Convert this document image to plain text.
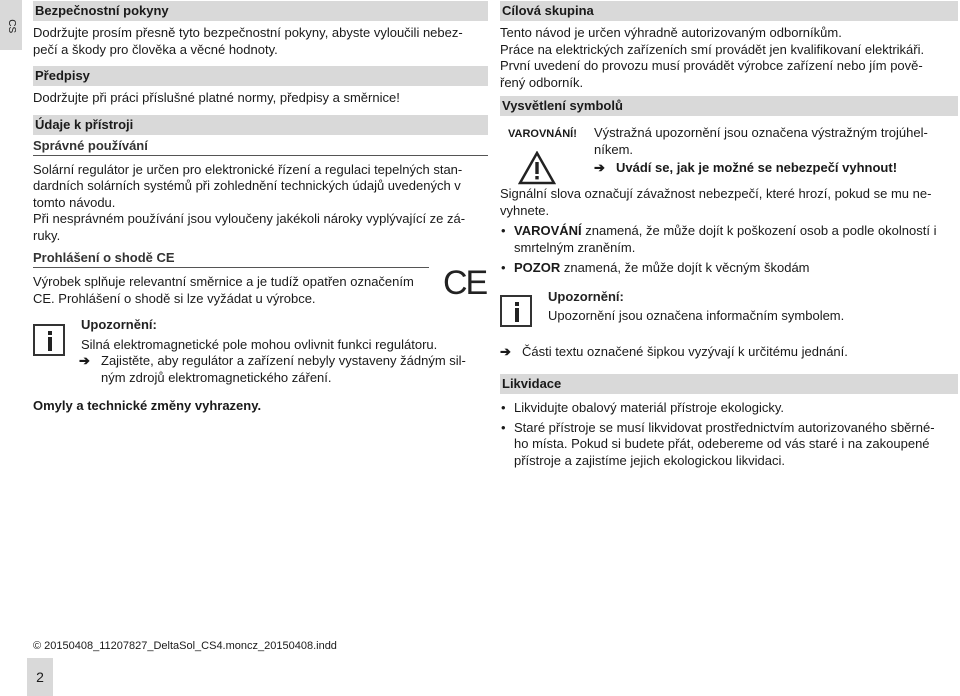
CS
Bezpečnostní pokyny

Dodržujte prosím přesně tyto bezpečnostní pokyny, abyste vyloučili nebez-

pečí a škody pro člověka a věcné hodnoty.

Předpisy

Dodržujte při práci příslušné platné normy, předpisy a směrnice!

Údaje k přístroji
Správné používání

Solární regulátor je určen pro elektronické řízení a regulaci tepelných stan-

dardních solárních systémů při zohlednění technických údajů uvedených v

tomto návodu.

Při nesprávném používání jsou vyloučeny jakékoli nároky vyplývající ze zá-

ruky.

Prohlášení o shodě CE

Výrobek splňuje relevantní směrnice a je tudíž opatřen označením

CE. Prohlášení o shodě si lze vyžádat u výrobce.	CE

Upozornění:

Silná elektromagnetické pole mohou ovlivnit funkci regulátoru.

➔ Zajistěte, aby regulátor a zařízení nebyly vystaveny žádným sil-

ným zdrojů elektromagnetického záření.

Omyly a technické změny vyhrazeny.

Cílová skupina

Tento návod je určen výhradně autorizovaným odborníkům.

Práce na elektrických zařízeních smí provádět jen kvalifikovaní elektrikáři.

První uvedení do provozu musí provádět výrobce zařízení nebo jím pově-

řený odborník.

Vysvětlení symbolů
VAROVNÁNÍ! Výstražná upozornění jsou označena výstražným trojúhel-

níkem.

➔ Uvádí se, jak je možné se nebezpečí vyhnout!

Signální slova označují závažnost nebezpečí, které hrozí, pokud se mu ne-

vyhnete.

• VAROVÁNÍ znamená, že může dojít k poškození osob a podle okolností i
smrtelným zraněním.
• POZOR znamená, že může dojít k věcným škodám

Upozornění:

Upozornění jsou označena informačním symbolem.

➔ Části textu označené šipkou vyzývají k určitému jednání.

Likvidace
• Likvidujte obalový materiál přístroje ekologicky.
• Staré přístroje se musí likvidovat prostřednictvím autorizovaného sběrné-
ho místa. Pokud si budete přát, odebereme od vás staré i na zakoupené
přístroje a zajistíme jejich ekologickou likvidaci.
© 20150408_11207827_DeltaSol_CS4.moncz_20150408.indd
2
